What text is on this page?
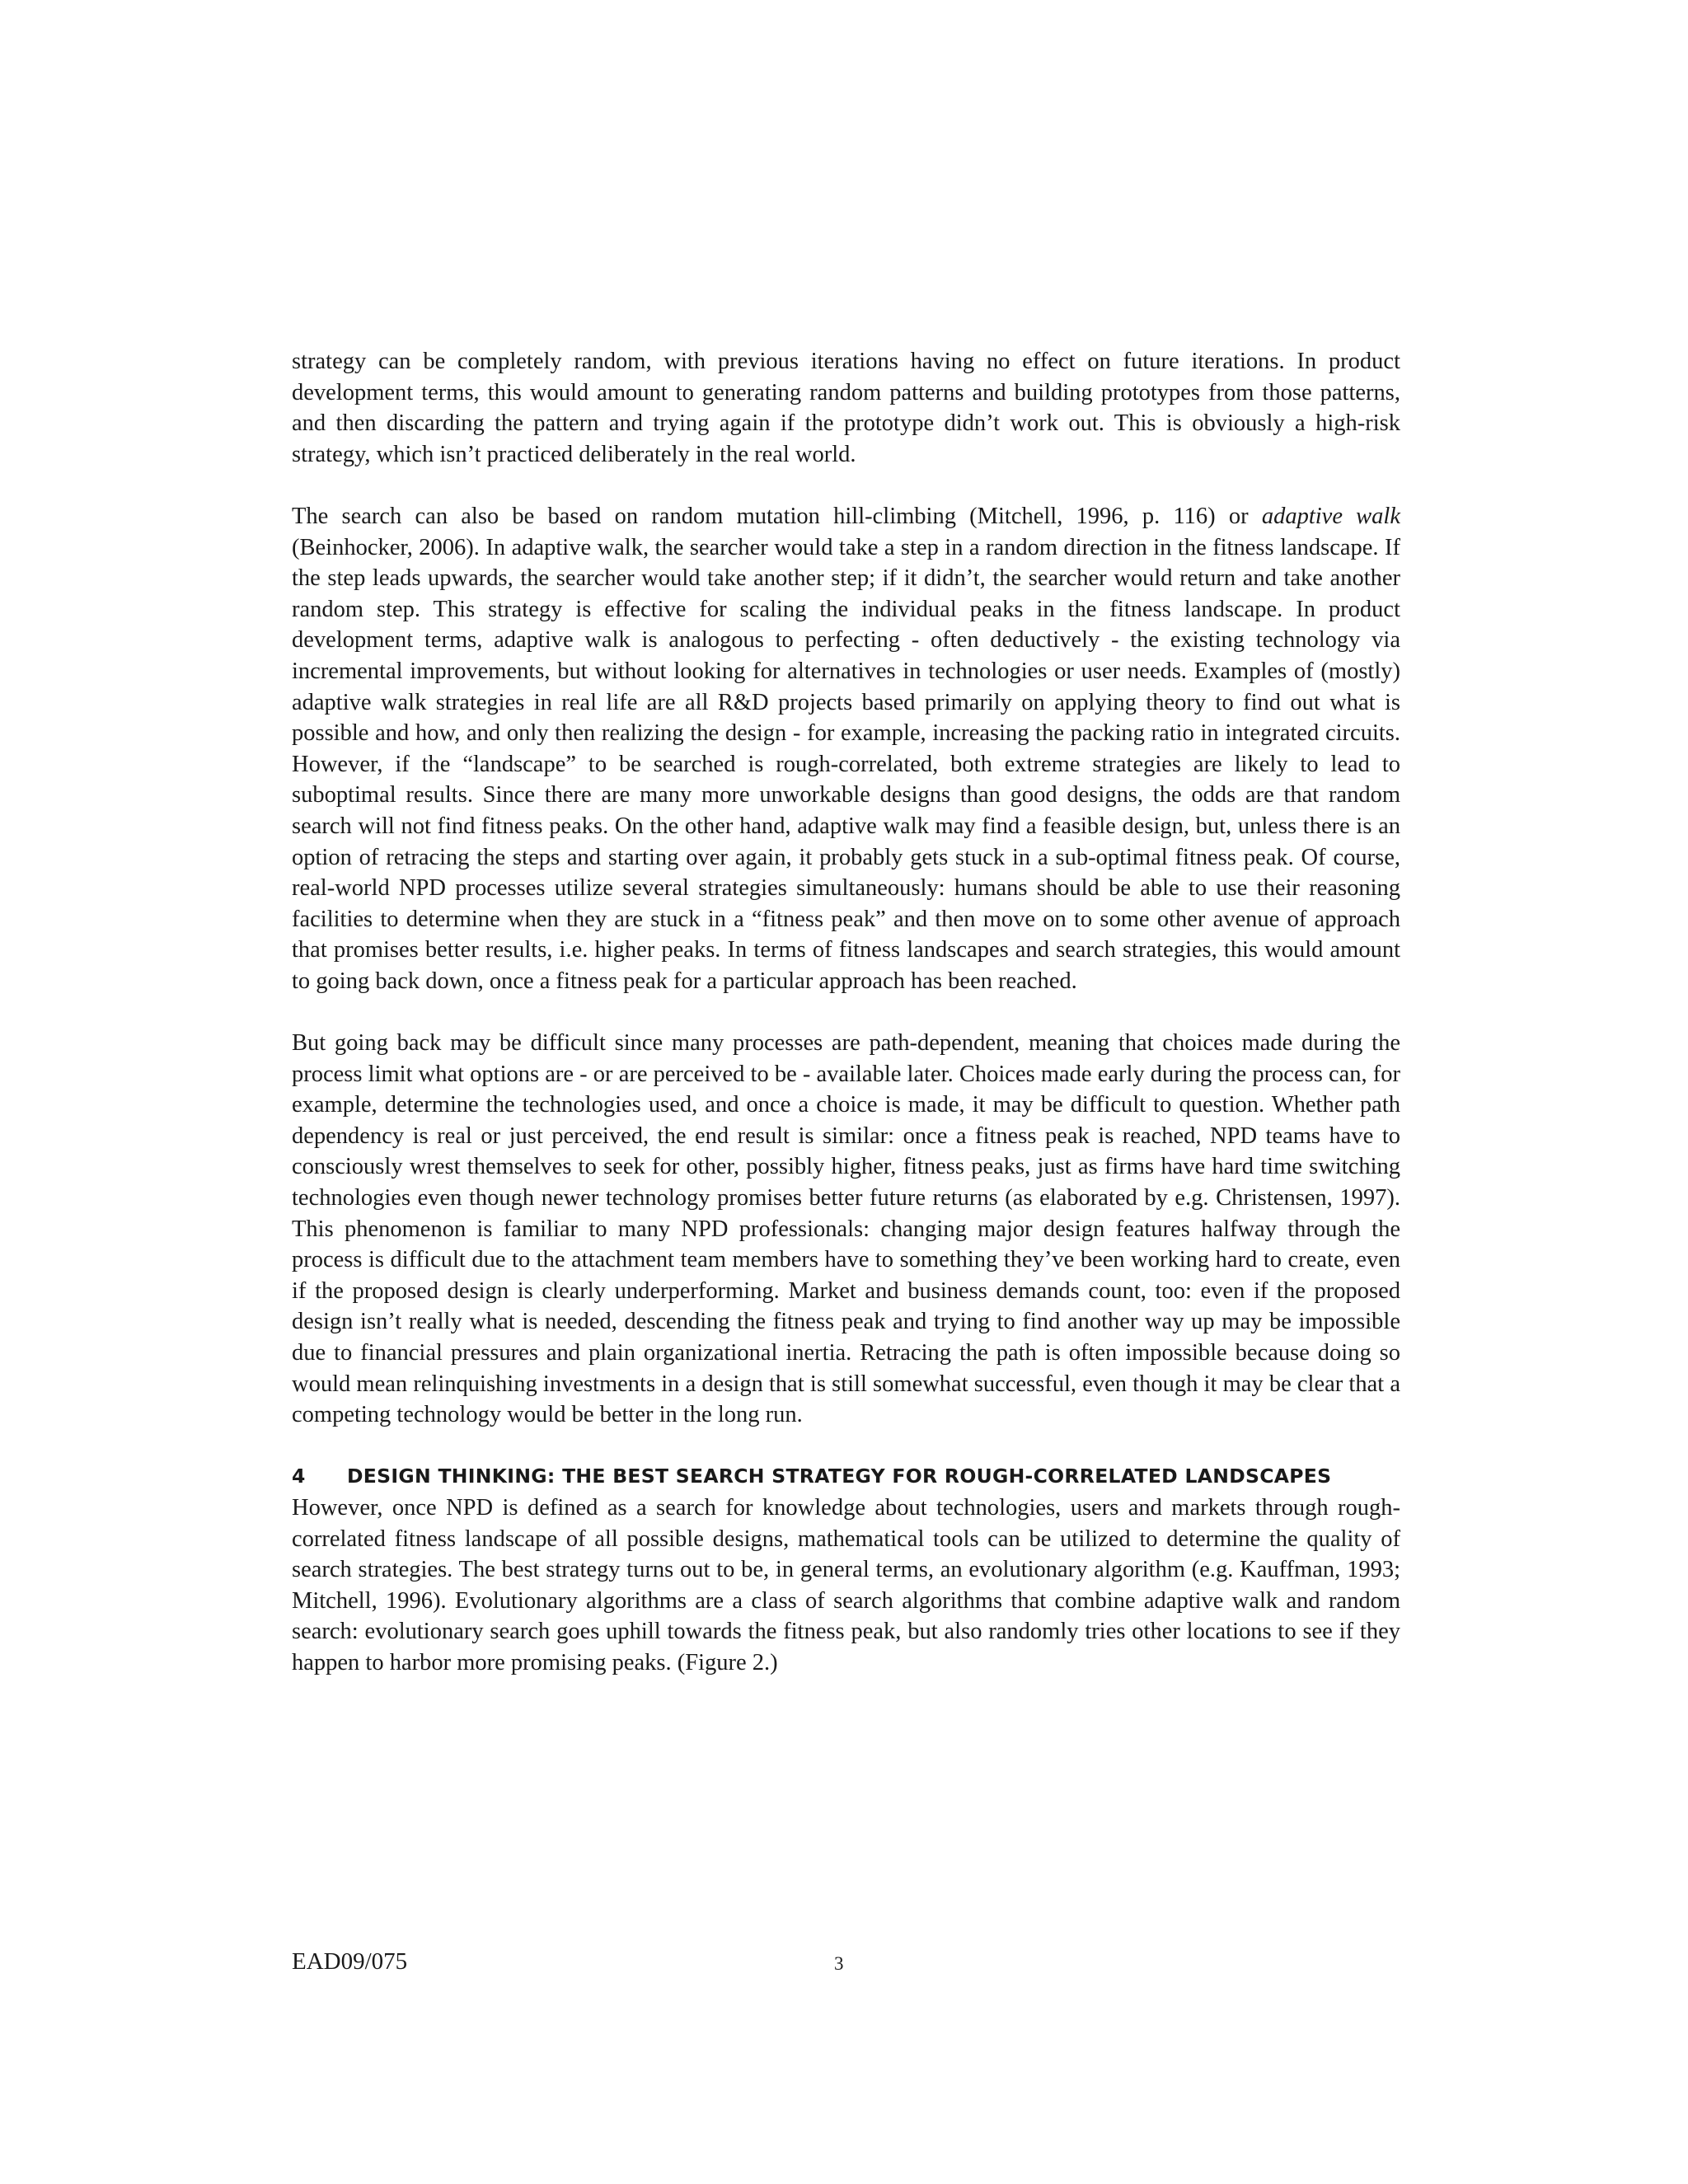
strategy can be completely random, with previous iterations having no effect on future iterations. In product development terms, this would amount to generating random patterns and building prototypes from those patterns, and then discarding the pattern and trying again if the prototype didn’t work out. This is obviously a high-risk strategy, which isn’t practiced deliberately in the real world.

The search can also be based on random mutation hill-climbing (Mitchell, 1996, p. 116) or adaptive walk (Beinhocker, 2006). In adaptive walk, the searcher would take a step in a random direction in the fitness landscape. If the step leads upwards, the searcher would take another step; if it didn’t, the searcher would return and take another random step. This strategy is effective for scaling the individual peaks in the fitness landscape. In product development terms, adaptive walk is analogous to perfecting - often deductively - the existing technology via incremental improvements, but without looking for alternatives in technologies or user needs. Examples of (mostly) adaptive walk strategies in real life are all R&D projects based primarily on applying theory to find out what is possible and how, and only then realizing the design - for example, increasing the packing ratio in integrated circuits. However, if the “landscape” to be searched is rough-correlated, both extreme strategies are likely to lead to suboptimal results. Since there are many more unworkable designs than good designs, the odds are that random search will not find fitness peaks. On the other hand, adaptive walk may find a feasible design, but, unless there is an option of retracing the steps and starting over again, it probably gets stuck in a sub-optimal fitness peak. Of course, real-world NPD processes utilize several strategies simultaneously: humans should be able to use their reasoning facilities to determine when they are stuck in a “fitness peak” and then move on to some other avenue of approach that promises better results, i.e. higher peaks. In terms of fitness landscapes and search strategies, this would amount to going back down, once a fitness peak for a particular approach has been reached.

But going back may be difficult since many processes are path-dependent, meaning that choices made during the process limit what options are - or are perceived to be - available later. Choices made early during the process can, for example, determine the technologies used, and once a choice is made, it may be difficult to question. Whether path dependency is real or just perceived, the end result is similar: once a fitness peak is reached, NPD teams have to consciously wrest themselves to seek for other, possibly higher, fitness peaks, just as firms have hard time switching technologies even though newer technology promises better future returns (as elaborated by e.g. Christensen, 1997). This phenomenon is familiar to many NPD professionals: changing major design features halfway through the process is difficult due to the attachment team members have to something they’ve been working hard to create, even if the proposed design is clearly underperforming. Market and business demands count, too: even if the proposed design isn’t really what is needed, descending the fitness peak and trying to find another way up may be impossible due to financial pressures and plain organizational inertia. Retracing the path is often impossible because doing so would mean relinquishing investments in a design that is still somewhat successful, even though it may be clear that a competing technology would be better in the long run.

4	DESIGN THINKING: THE BEST SEARCH STRATEGY FOR ROUGH-CORRELATED LANDSCAPES

However, once NPD is defined as a search for knowledge about technologies, users and markets through rough-correlated fitness landscape of all possible designs, mathematical tools can be utilized to determine the quality of search strategies. The best strategy turns out to be, in general terms, an evolutionary algorithm (e.g. Kauffman, 1993; Mitchell, 1996). Evolutionary algorithms are a class of search algorithms that combine adaptive walk and random search: evolutionary search goes uphill towards the fitness peak, but also randomly tries other locations to see if they happen to harbor more promising peaks. (Figure 2.)

EAD09/075	3
